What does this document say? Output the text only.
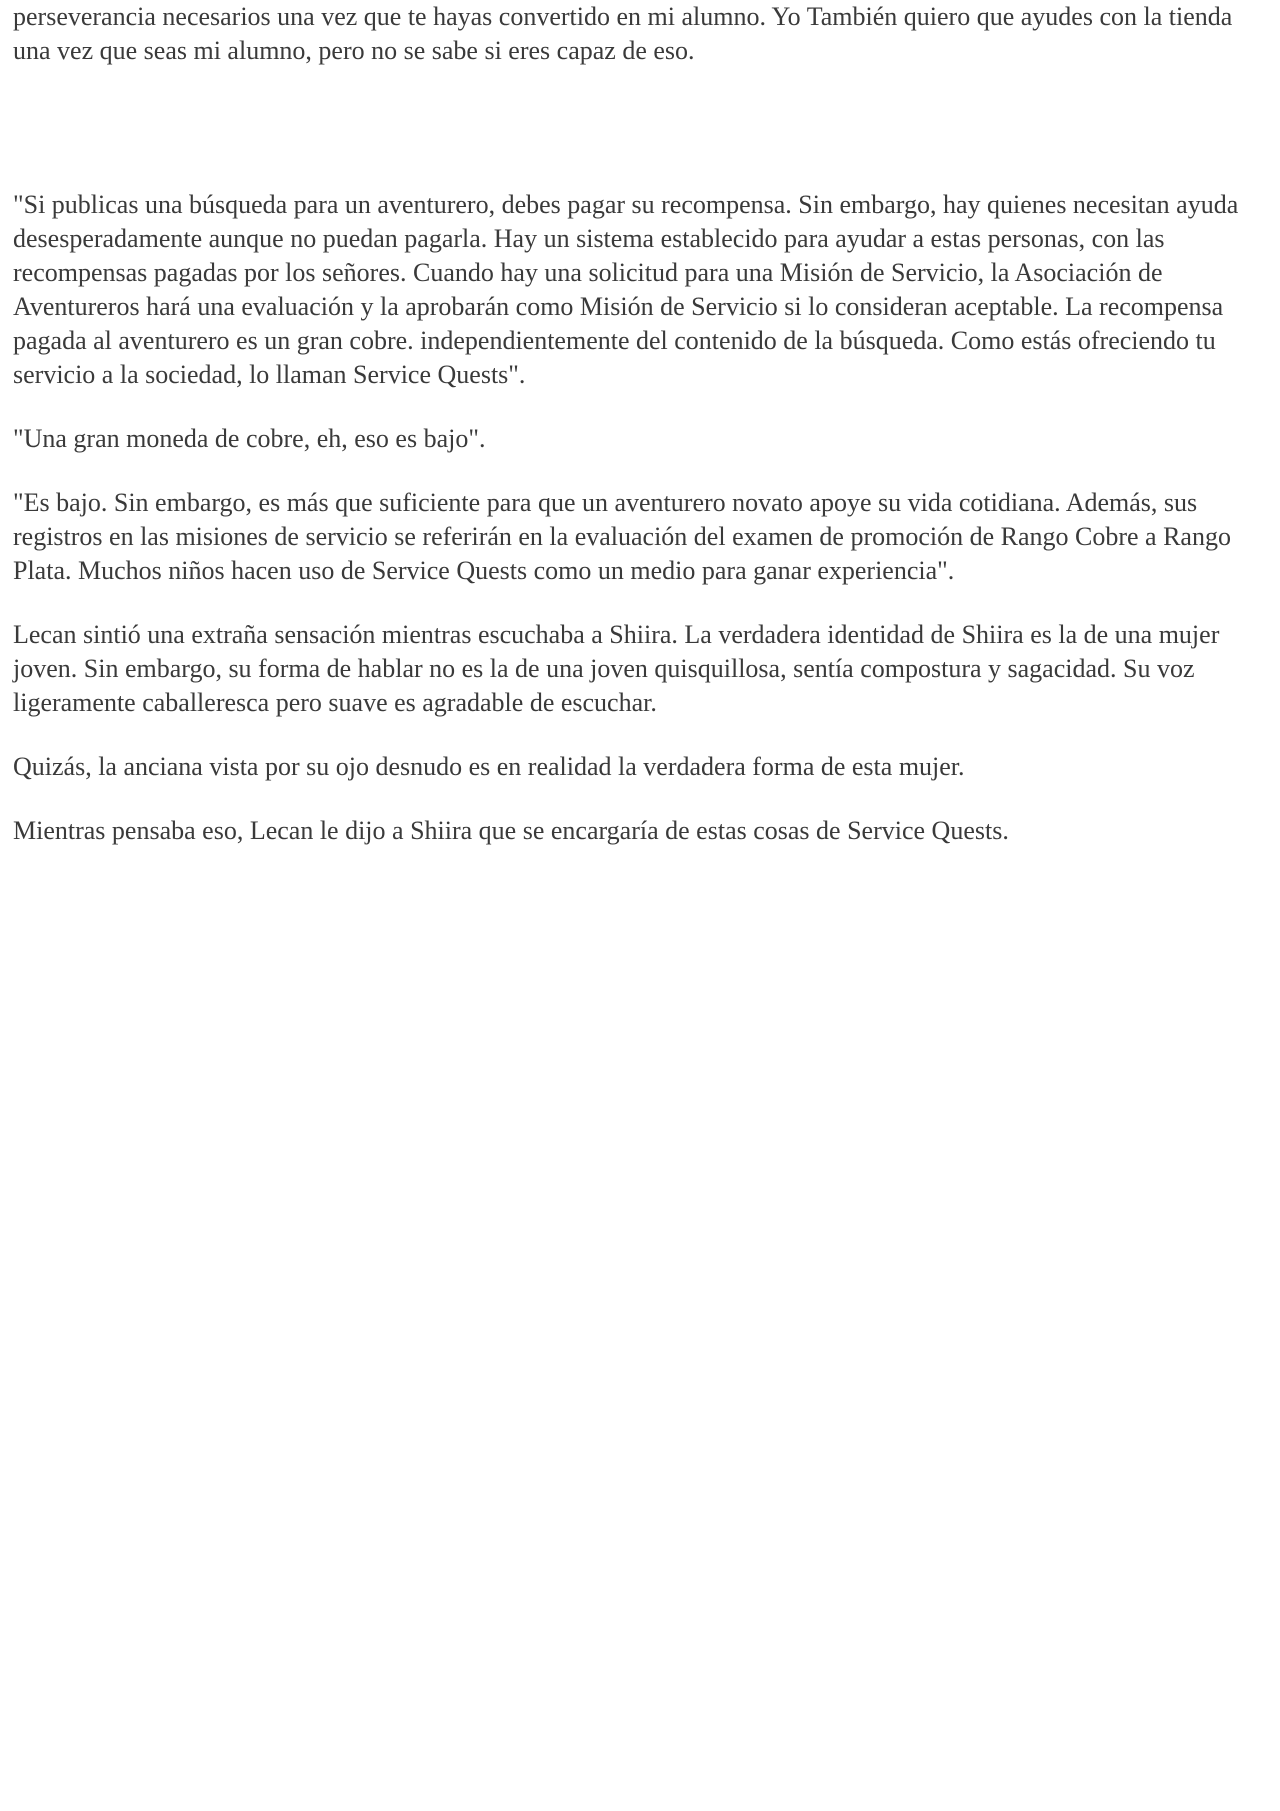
perseverancia necesarios una vez que te hayas convertido en mi alumno. Yo También quiero que ayudes con la tienda una vez que seas mi alumno, pero no se sabe si eres capaz de eso.

"Si publicas una búsqueda para un aventurero, debes pagar su recompensa. Sin embargo, hay quienes necesitan ayuda desesperadamente aunque no puedan pagarla. Hay un sistema establecido para ayudar a estas personas, con las recompensas pagadas por los señores. Cuando hay una solicitud para una Misión de Servicio, la Asociación de Aventureros hará una evaluación y la aprobarán como Misión de Servicio si lo consideran aceptable. La recompensa pagada al aventurero es un gran cobre. independientemente del contenido de la búsqueda. Como estás ofreciendo tu servicio a la sociedad, lo llaman Service Quests".

"Una gran moneda de cobre, eh, eso es bajo".

"Es bajo. Sin embargo, es más que suficiente para que un aventurero novato apoye su vida cotidiana. Además, sus registros en las misiones de servicio se referirán en la evaluación del examen de promoción de Rango Cobre a Rango Plata. Muchos niños hacen uso de Service Quests como un medio para ganar experiencia".

Lecan sintió una extraña sensación mientras escuchaba a Shiira. La verdadera identidad de Shiira es la de una mujer joven. Sin embargo, su forma de hablar no es la de una joven quisquillosa, sentía compostura y sagacidad. Su voz ligeramente caballeresca pero suave es agradable de escuchar.

Quizás, la anciana vista por su ojo desnudo es en realidad la verdadera forma de esta mujer.

Mientras pensaba eso, Lecan le dijo a Shiira que se encargaría de estas cosas de Service Quests.
